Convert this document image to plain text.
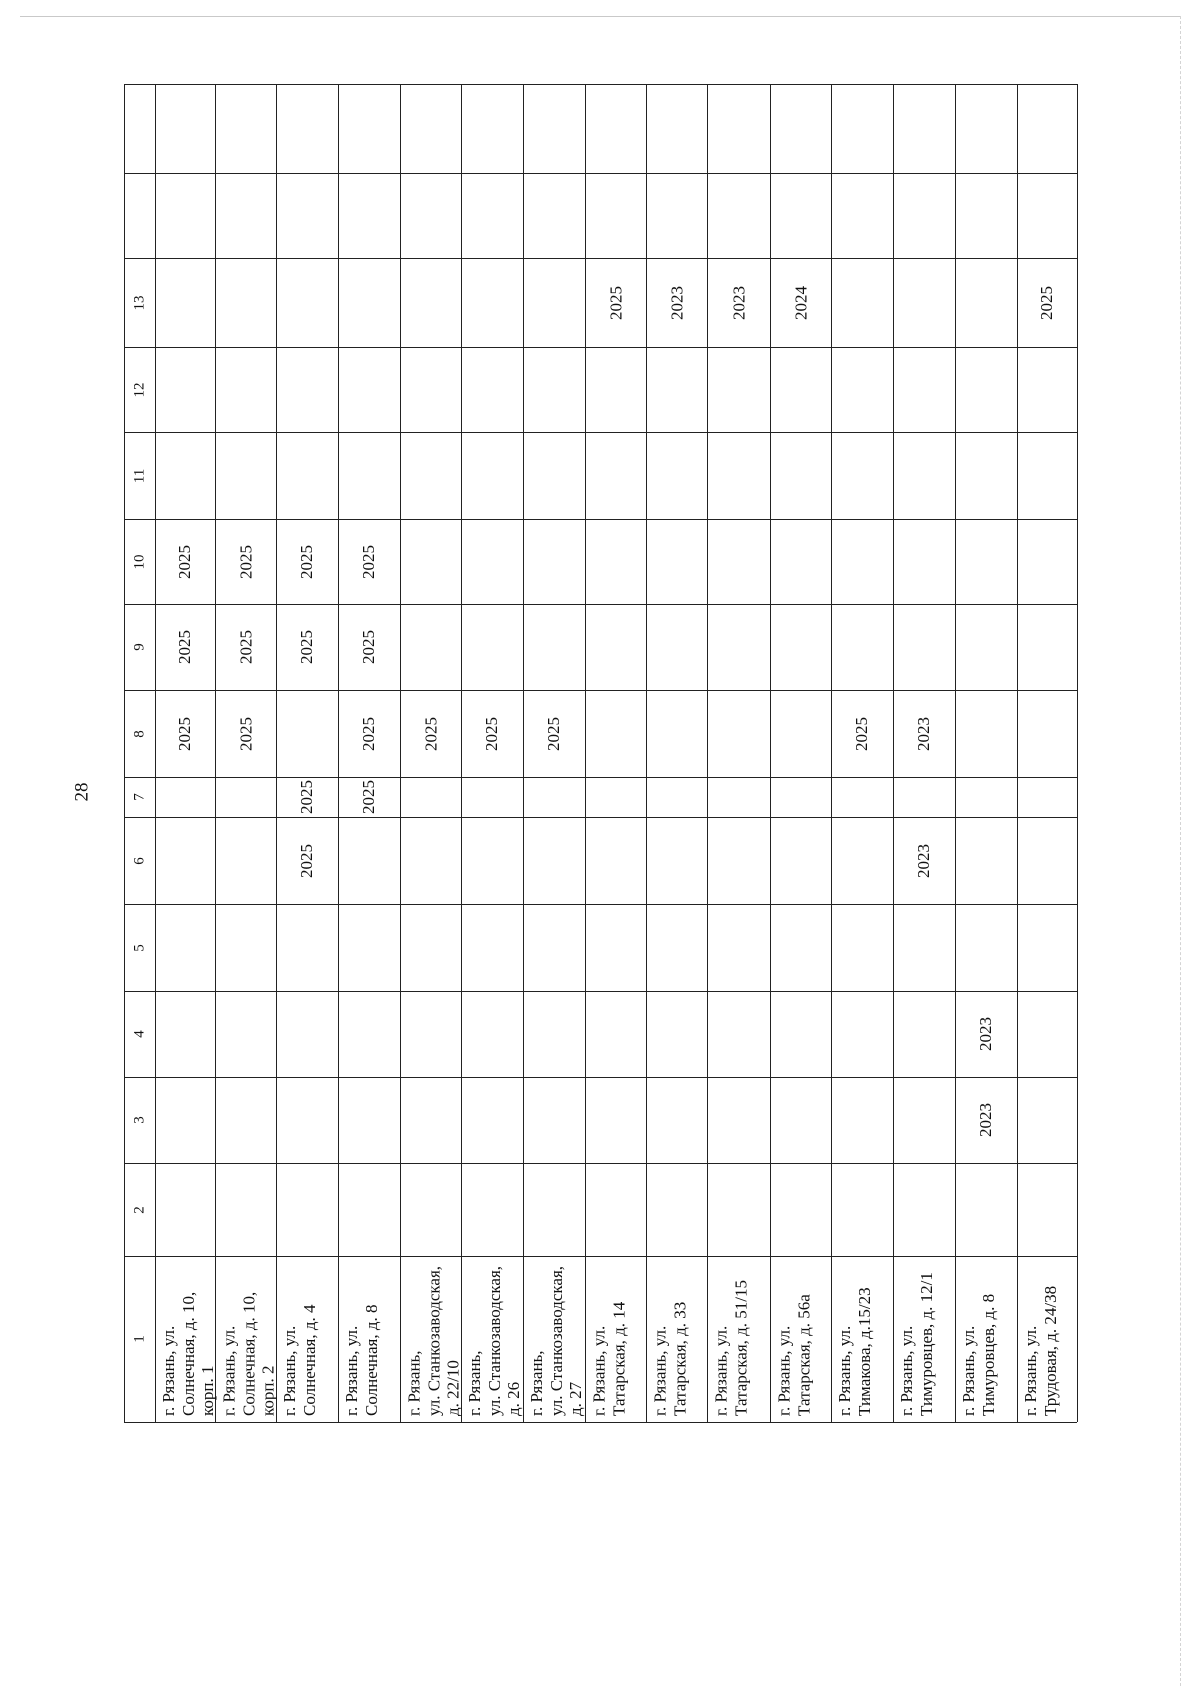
28
1
2
3
4
5
6
7
8
9
10
11
12
13
г. Рязань, ул. Солнечная, д. 10, корп. 1
2025
2025
2025
г. Рязань, ул. Солнечная, д. 10, корп. 2
2025
2025
2025
г. Рязань, ул. Солнечная, д. 4
2025
2025
2025
2025
г. Рязань, ул. Солнечная, д. 8
2025
2025
2025
2025
г. Рязань,
ул. Станкозаводская, д. 22/10
2025
г. Рязань,
ул. Станкозаводская, д. 26
2025
г. Рязань,
ул. Станкозаводская, д. 27
2025
г. Рязань, ул. Татарская, д. 14
2025
г. Рязань, ул. Татарская, д. 33
2023
г. Рязань, ул. Татарская, д. 51/15
2023
г. Рязань, ул. Татарская, д. 56а
2024
г. Рязань, ул. Тимакова, д.15/23
2025
г. Рязань, ул. Тимуровцев, д. 12/1
2023
2023
г. Рязань, ул. Тимуровцев, д. 8
2023
2023
г. Рязань, ул. Трудовая, д. 24/38
2025
